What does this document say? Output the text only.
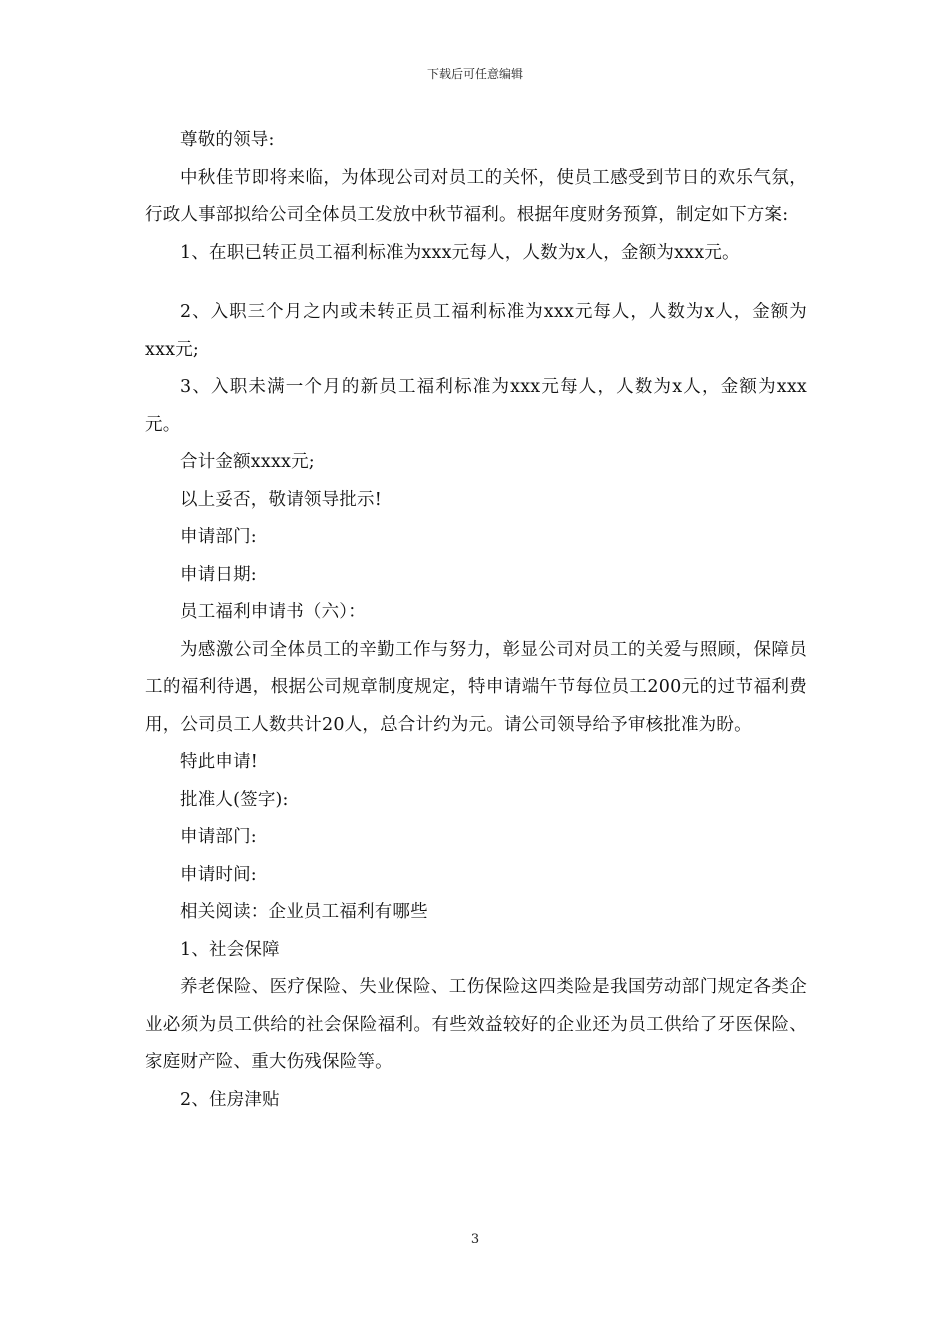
下载后可任意编辑

尊敬的领导:

中秋佳节即将来临，为体现公司对员工的关怀，使员工感受到节日的欢乐气氛，行政人事部拟给公司全体员工发放中秋节福利。根据年度财务预算，制定如下方案:

1、在职已转正员工福利标准为xxx元每人，人数为x人，金额为xxx元。

2、入职三个月之内或未转正员工福利标准为xxx元每人，人数为x人，金额为xxx元;

3、入职未满一个月的新员工福利标准为xxx元每人，人数为x人，金额为xxx元。

合计金额xxxx元;

以上妥否，敬请领导批示!

申请部门:

申请日期:

员工福利申请书（六）：

为感激公司全体员工的辛勤工作与努力，彰显公司对员工的关爱与照顾，保障员工的福利待遇，根据公司规章制度规定，特申请端午节每位员工200元的过节福利费用，公司员工人数共计20人，总合计约为元。请公司领导给予审核批准为盼。

特此申请!

批准人(签字):

申请部门:

申请时间:

相关阅读：企业员工福利有哪些

1、社会保障

养老保险、医疗保险、失业保险、工伤保险这四类险是我国劳动部门规定各类企业必须为员工供给的社会保险福利。有些效益较好的企业还为员工供给了牙医保险、家庭财产险、重大伤残保险等。

2、住房津贴

3
